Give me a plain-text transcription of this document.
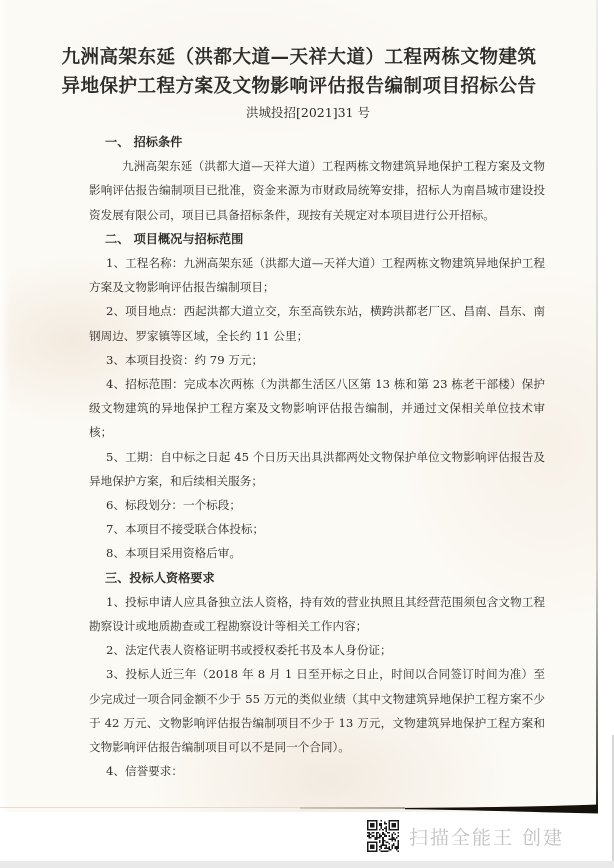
九洲高架东延（洪都大道—天祥大道）工程两栋文物建筑
异地保护工程方案及文物影响评估报告编制项目招标公告
洪城投招[2021]31 号

一、 招标条件

九洲高架东延（洪都大道—天祥大道）工程两栋文物建筑异地保护工程方案及文物影响评估报告编制项目已批准，资金来源为市财政局统筹安排，招标人为南昌城市建设投资发展有限公司，项目已具备招标条件，现按有关规定对本项目进行公开招标。

二、 项目概况与招标范围

1、工程名称：九洲高架东延（洪都大道—天祥大道）工程两栋文物建筑异地保护工程方案及文物影响评估报告编制项目；

2、项目地点：西起洪都大道立交，东至高铁东站，横跨洪都老厂区、昌南、昌东、南钢周边、罗家镇等区域，全长约 11 公里；

3、本项目投资：约 79 万元；

4、招标范围：完成本次两栋（为洪都生活区八区第 13 栋和第 23 栋老干部楼）保护级文物建筑的异地保护工程方案及文物影响评估报告编制，并通过文保相关单位技术审核；

5、工期：自中标之日起 45 个日历天出具洪都两处文物保护单位文物影响评估报告及异地保护方案，和后续相关服务；

6、标段划分：一个标段；

7、本项目不接受联合体投标；

8、本项目采用资格后审。

三、投标人资格要求

1、投标申请人应具备独立法人资格，持有效的营业执照且其经营范围须包含文物工程勘察设计或地质勘查或工程勘察设计等相关工作内容；

2、法定代表人资格证明书或授权委托书及本人身份证；

3、投标人近三年（2018 年 8 月 1 日至开标之日止，时间以合同签订时间为准）至少完成过一项合同金额不少于 55 万元的类似业绩（其中文物建筑异地保护工程方案不少于 42 万元、文物影响评估报告编制项目不少于 13 万元，文物建筑异地保护工程方案和文物影响评估报告编制项目可以不是同一个合同）。

4、信誉要求：

扫描全能王 创建
